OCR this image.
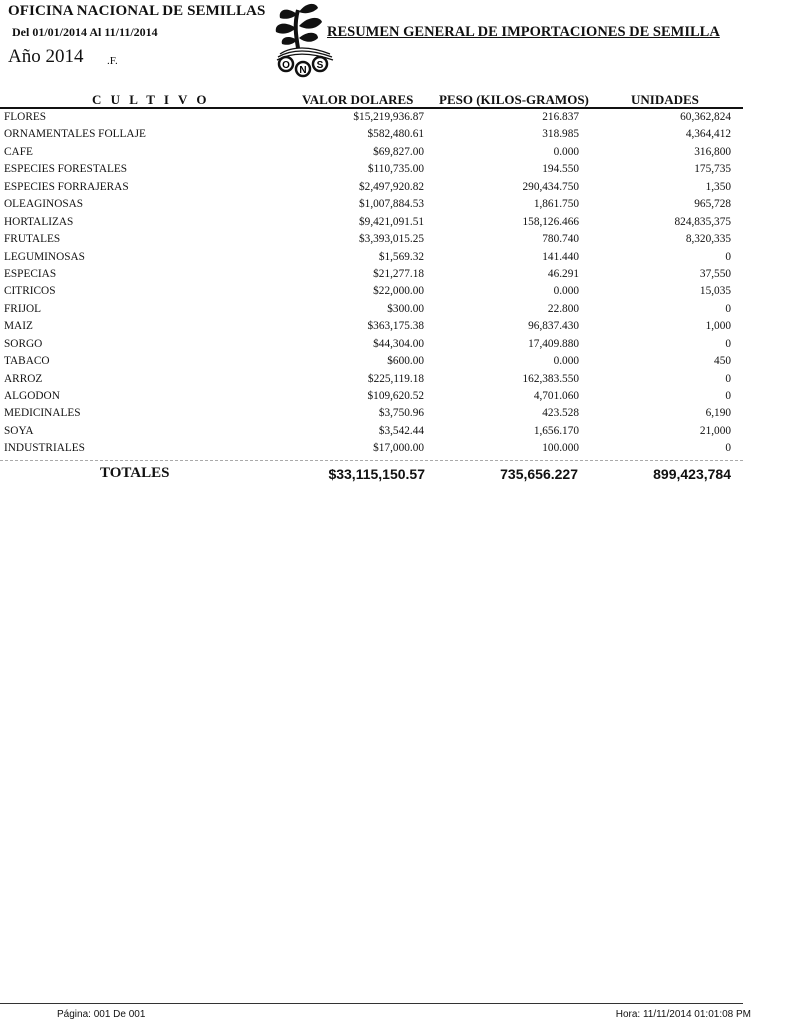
OFICINA NACIONAL DE SEMILLAS
Del 01/01/2014 Al 11/11/2014
Año 2014 .F.	O N S
RESUMEN GENERAL DE IMPORTACIONES DE SEMILLA
C U L T I V O	VALOR DOLARES PESO (KILOS-GRAMOS)	UNIDADES
FLORES	$15,219,936.87	216.837	60,362,824
ORNAMENTALES FOLLAJE	$582,480.61	318.985	4,364,412
CAFE	$69,827.00	0.000	316,800
ESPECIES FORESTALES	$110,735.00	194.550	175,735
ESPECIES FORRAJERAS	$2,497,920.82	290,434.750	1,350
OLEAGINOSAS	$1,007,884.53	1,861.750	965,728
HORTALIZAS	$9,421,091.51	158,126.466	824,835,375
FRUTALES	$3,393,015.25	780.740	8,320,335
LEGUMINOSAS	$1,569.32	141.440	0
ESPECIAS	$21,277.18	46.291	37,550
CITRICOS	$22,000.00	0.000	15,035
FRIJOL	$300.00	22.800	0
MAIZ	$363,175.38	96,837.430	1,000
SORGO	$44,304.00	17,409.880	0
TABACO	$600.00	0.000	450
ARROZ	$225,119.18	162,383.550	0
ALGODON	$109,620.52	4,701.060	0
MEDICINALES	$3,750.96	423.528	6,190
SOYA	$3,542.44	1,656.170	21,000
INDUSTRIALES	$17,000.00	100.000	0
TOTALES	$33,115,150.57	735,656.227	899,423,784
Página: 001 De 001	Hora: 11/11/2014 01:01:08 PM
